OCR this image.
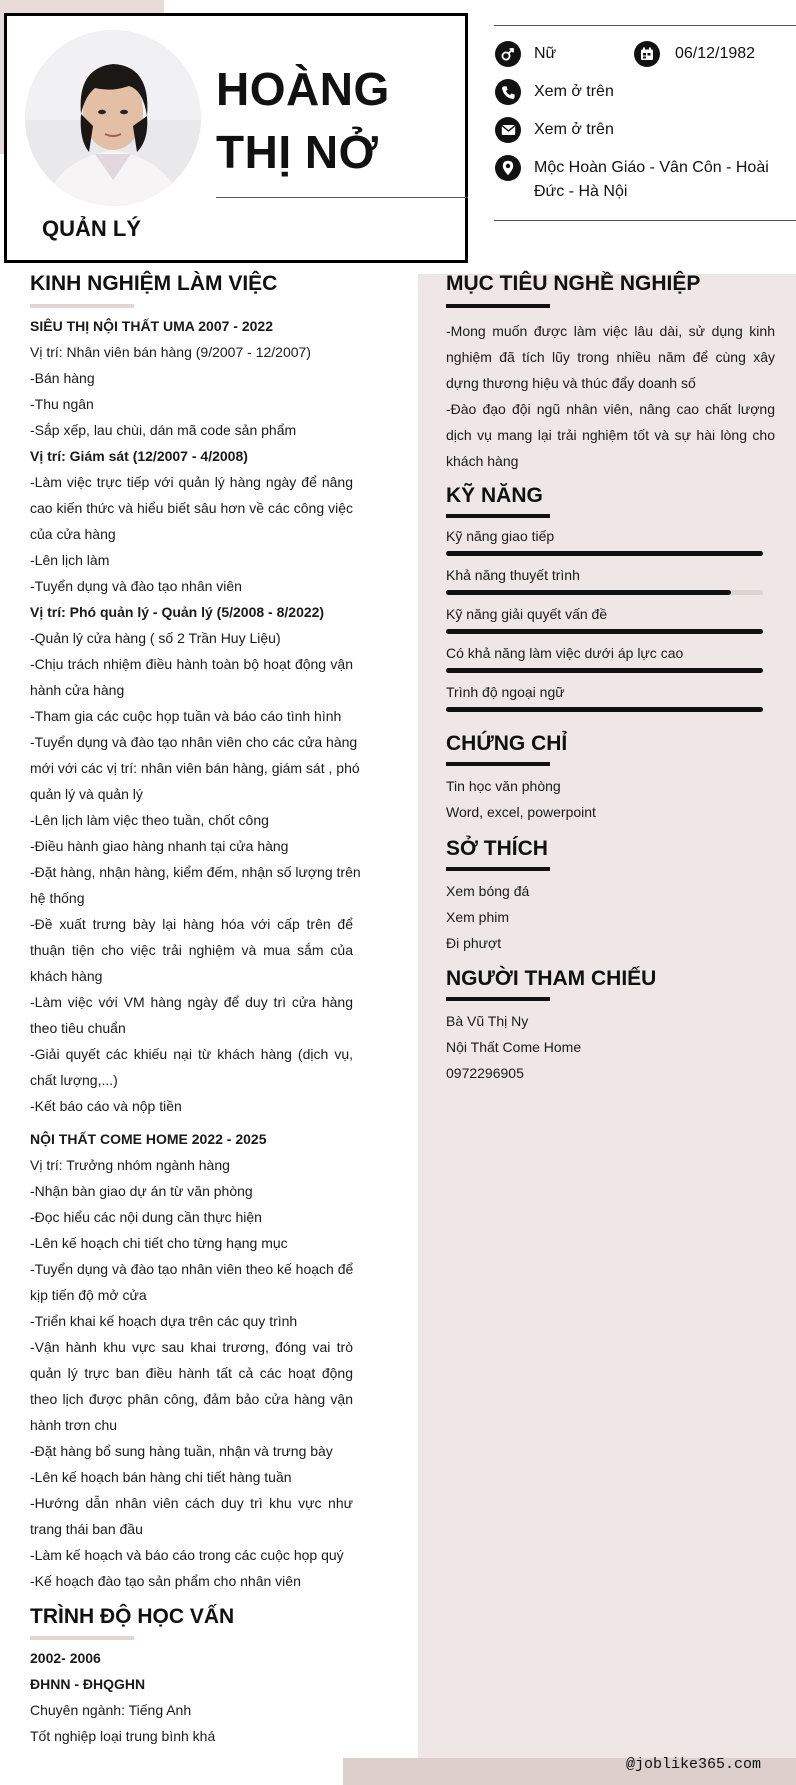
HOÀNG
THỊ NỞ
QUẢN LÝ
Nữ	06/12/1982
Xem ở trên
Xem ở trên
Mộc Hoàn Giáo - Vân Côn - Hoài
Đức - Hà Nội
KINH NGHIỆM LÀM VIỆC
SIÊU THỊ NỘI THẤT UMA 2007 - 2022
Vị trí: Nhân viên bán hàng (9/2007 - 12/2007)
-Bán hàng
-Thu ngân
-Sắp xếp, lau chùi, dán mã code sản phẩm
Vị trí: Giám sát (12/2007 - 4/2008)
-Làm việc trực tiếp với quản lý hàng ngày để nâng
cao kiến thức và hiểu biết sâu hơn về các công việc
của cửa hàng
-Lên lịch làm
-Tuyển dụng và đào tạo nhân viên
Vị trí: Phó quản lý - Quản lý (5/2008 - 8/2022)
-Quản lý cửa hàng ( số 2 Trần Huy Liệu)
-Chịu trách nhiệm điều hành toàn bộ hoạt động vận
hành cửa hàng
-Tham gia các cuộc họp tuần và báo cáo tình hình
-Tuyển dụng và đào tạo nhân viên cho các cửa hàng
mới với các vị trí: nhân viên bán hàng, giám sát , phó
quản lý và quản lý
-Lên lịch làm việc theo tuần, chốt công
-Điều hành giao hàng nhanh tại cửa hàng
-Đặt hàng, nhận hàng, kiểm đếm, nhận số lượng trên
hệ thống
-Đề xuất trưng bày lại hàng hóa với cấp trên để
thuận tiện cho việc trải nghiệm và mua sắm của
khách hàng
-Làm việc với VM hàng ngày để duy trì cửa hàng
theo tiêu chuẩn
-Giải quyết các khiếu nại từ khách hàng (dịch vụ,
chất lượng,...)
-Kết báo cáo và nộp tiền
NỘI THẤT COME HOME 2022 - 2025
Vị trí: Trưởng nhóm ngành hàng
-Nhận bàn giao dự án từ văn phòng
-Đọc hiểu các nội dung cần thực hiện
-Lên kế hoạch chi tiết cho từng hạng mục
-Tuyển dụng và đào tạo nhân viên theo kế hoạch để
kịp tiến độ mở cửa
-Triển khai kế hoạch dựa trên các quy trình
-Vận hành khu vực sau khai trương, đóng vai trò
quản lý trực ban điều hành tất cả các hoạt động
theo lịch được phân công, đảm bảo cửa hàng vận
hành trơn chu
-Đặt hàng bổ sung hàng tuần, nhận và trưng bày
-Lên kế hoạch bán hàng chi tiết hàng tuần
-Hướng dẫn nhân viên cách duy trì khu vực như
trang thái ban đầu
-Làm kế hoạch và báo cáo trong các cuộc họp quý
-Kế hoạch đào tạo sản phẩm cho nhân viên
TRÌNH ĐỘ HỌC VẤN
2002- 2006
ĐHNN - ĐHQGHN
Chuyên ngành: Tiếng Anh
Tốt nghiệp loại trung bình khá
MỤC TIÊU NGHỀ NGHIỆP
-Mong muốn được làm việc lâu dài, sử dụng kinh
nghiệm đã tích lũy trong nhiều năm để cùng xây
dựng thương hiệu và thúc đẩy doanh số
-Đào đạo đội ngũ nhân viên, nâng cao chất lượng
dịch vụ mang lại trải nghiệm tốt và sự hài lòng cho
khách hàng
KỸ NĂNG
Kỹ năng giao tiếp
Khả năng thuyết trình
Kỹ năng giải quyết vấn đề
Có khả năng làm việc dưới áp lực cao
Trình độ ngoại ngữ
CHỨNG CHỈ
Tin học văn phòng
Word, excel, powerpoint
SỞ THÍCH
Xem bóng đá
Xem phim
Đi phượt
NGƯỜI THAM CHIẾU
Bà Vũ Thị Ny
Nội Thất Come Home
0972296905
@joblike365.com
